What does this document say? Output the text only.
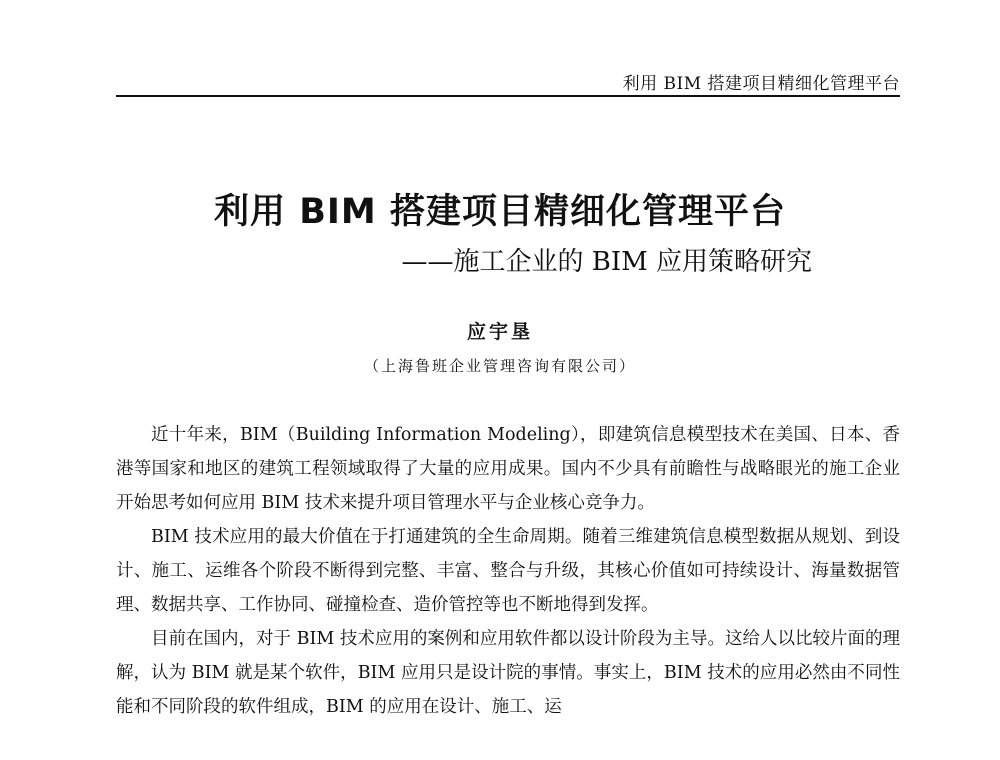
利用 BIM 搭建项目精细化管理平台
利用 BIM 搭建项目精细化管理平台
——施工企业的 BIM 应用策略研究
应宇垦
（上海鲁班企业管理咨询有限公司）

近十年来，BIM（Building Information Modeling），即建筑信息模型技术在美国、日本、香港等国家和地区的建筑工程领域取得了大量的应用成果。国内不少具有前瞻性与战略眼光的施工企业开始思考如何应用 BIM 技术来提升项目管理水平与企业核心竞争力。

BIM 技术应用的最大价值在于打通建筑的全生命周期。随着三维建筑信息模型数据从规划、到设计、施工、运维各个阶段不断得到完整、丰富、整合与升级，其核心价值如可持续设计、海量数据管理、数据共享、工作协同、碰撞检查、造价管控等也不断地得到发挥。

目前在国内，对于 BIM 技术应用的案例和应用软件都以设计阶段为主导。这给人以比较片面的理解，认为 BIM 就是某个软件，BIM 应用只是设计院的事情。事实上，BIM 技术的应用必然由不同性能和不同阶段的软件组成，BIM 的应用在设计、施工、运
